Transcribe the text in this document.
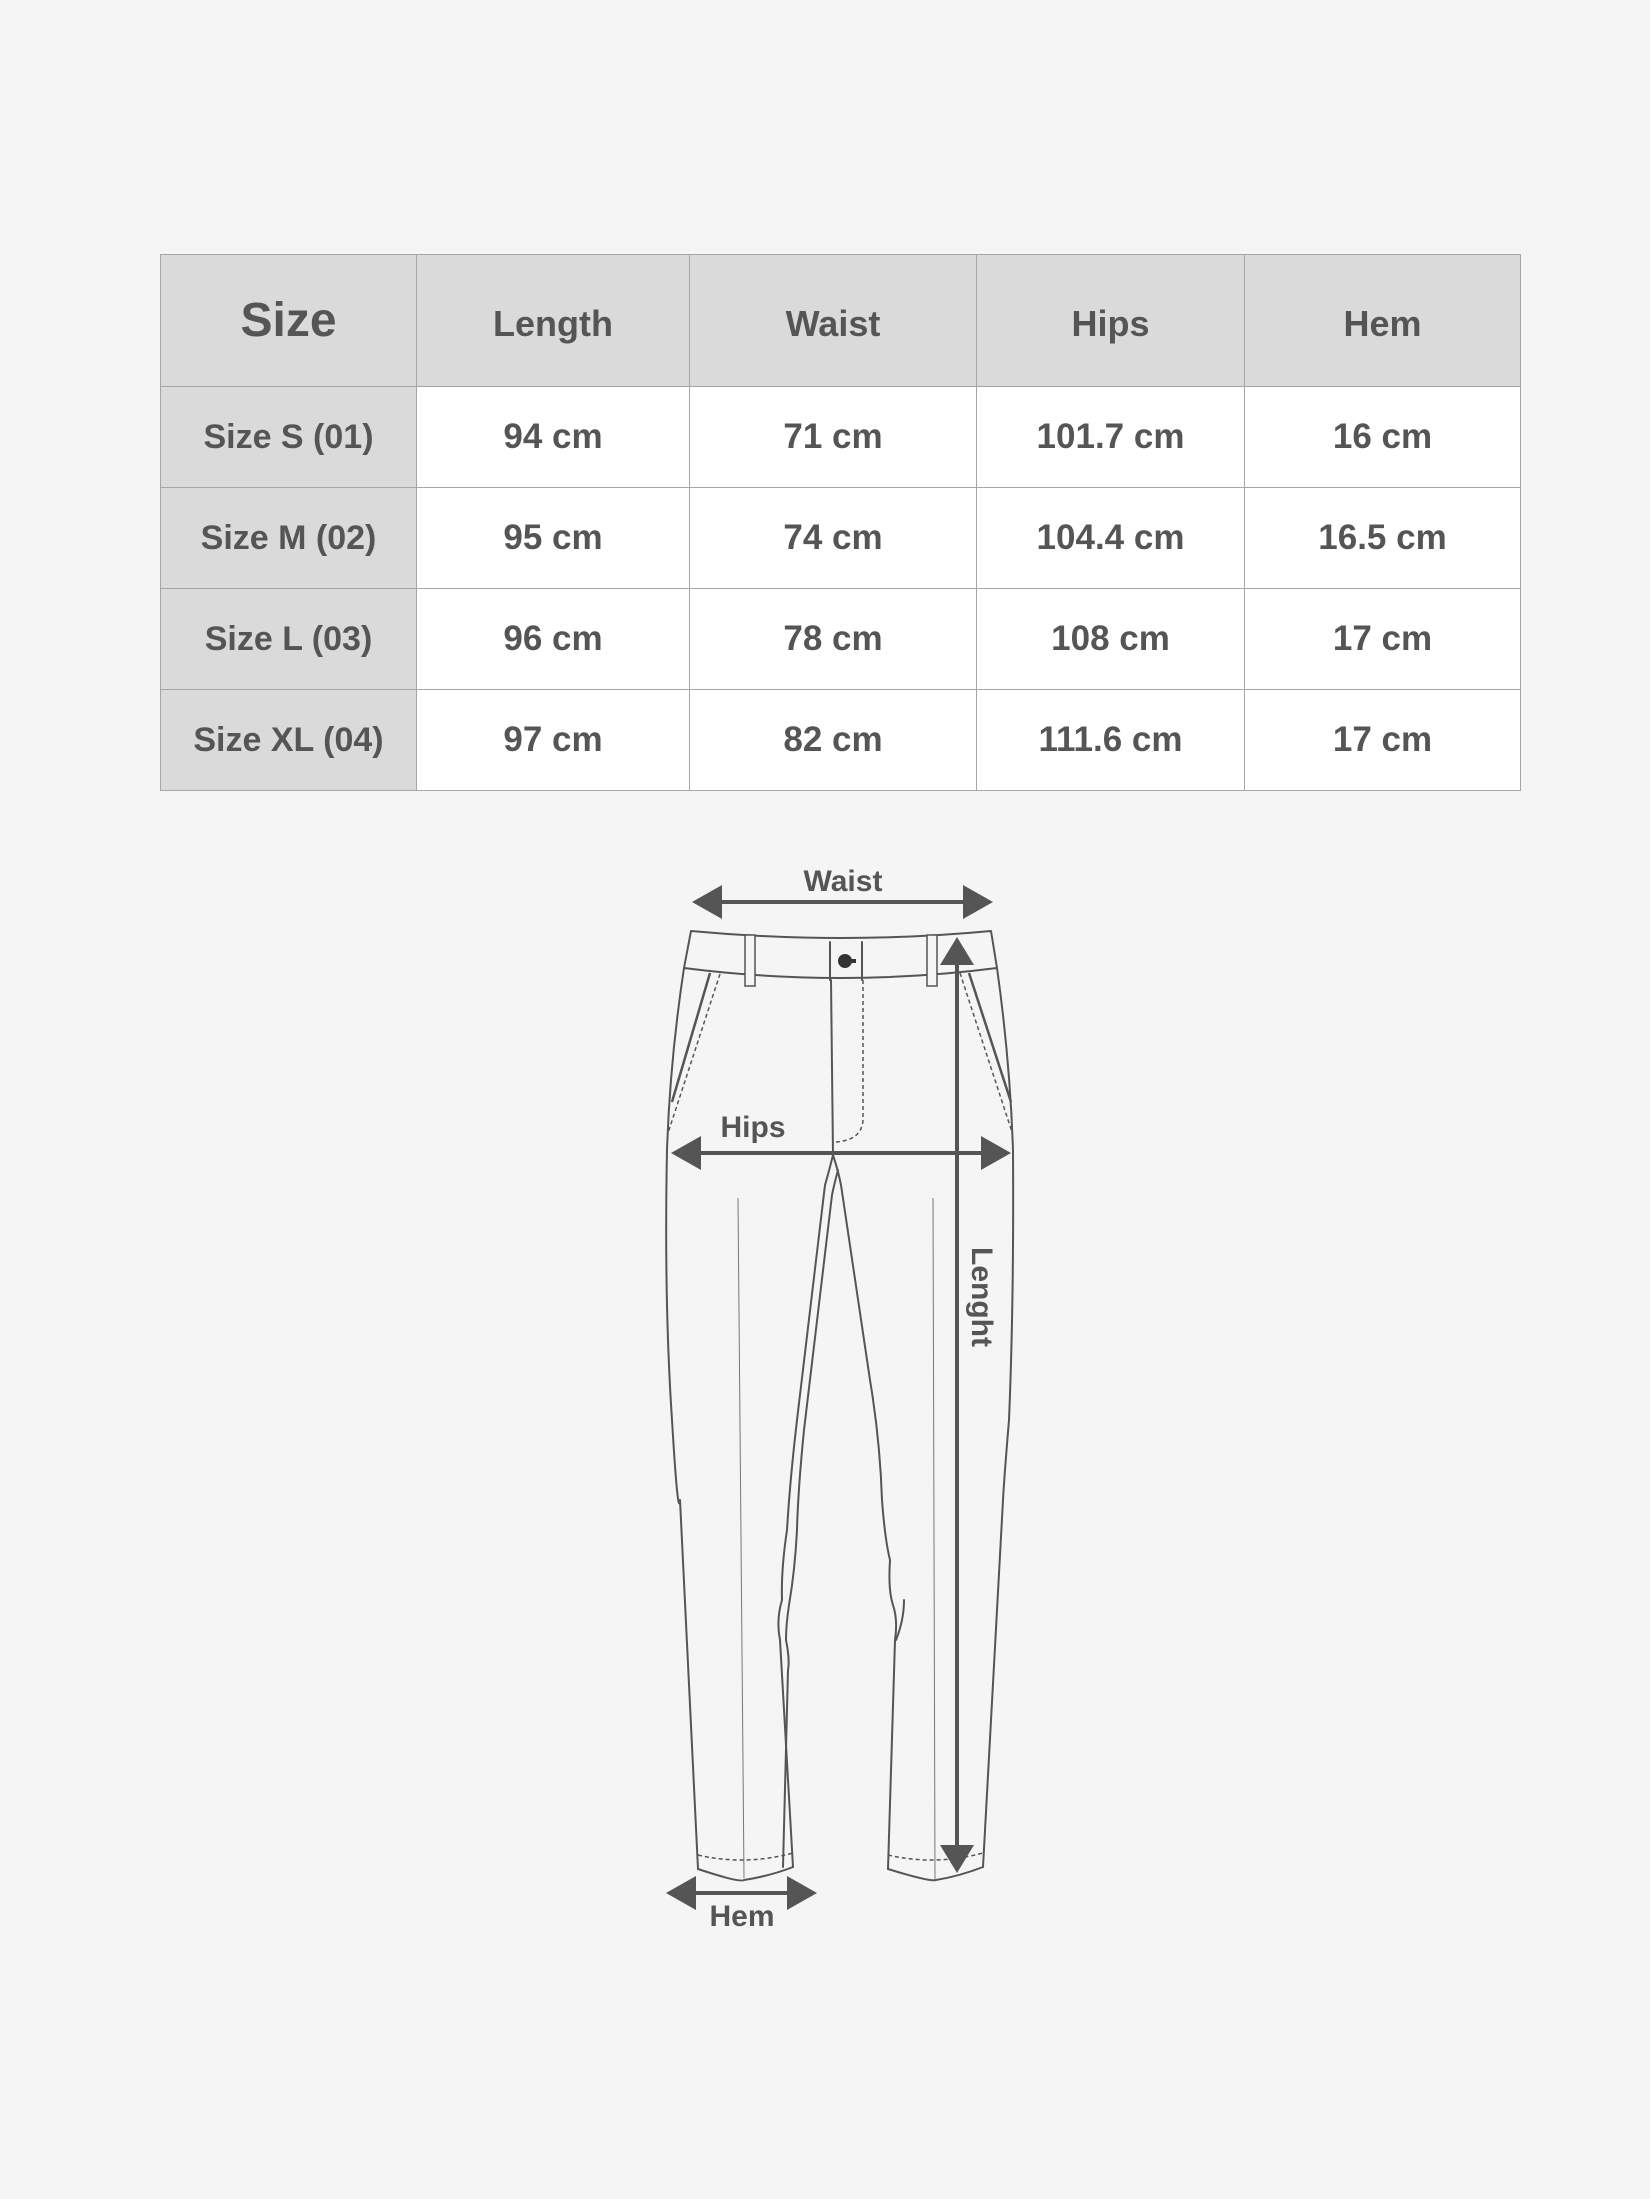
Size	Length	Waist	Hips	Hem
Size S (01)	94 cm	71 cm	101.7 cm	16 cm
Size M (02)	95 cm	74 cm	104.4 cm	16.5 cm
Size L (03)	96 cm	78 cm	108 cm	17 cm
Size XL (04)	97 cm	82 cm	111.6 cm	17 cm
Waist
Hips
Lenght
Hem
